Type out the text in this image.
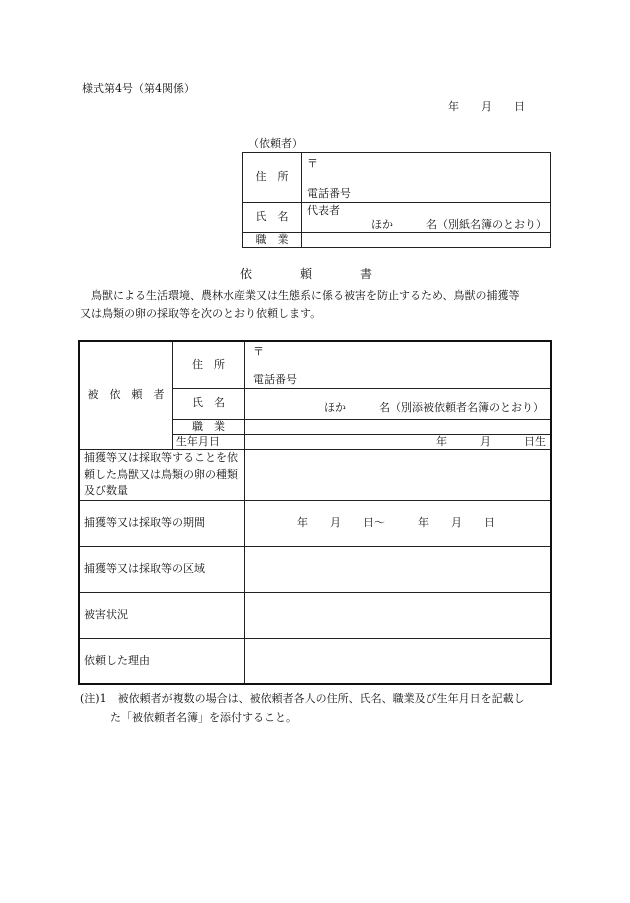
様式第4号（第4関係）
年　　月　　日
（依頼者）
住　所	〒
電話番号

氏　名	代表者
ほか　　　名（別紙名簿のとおり）

職　業	

依　　　　頼　　　　書
　鳥獣による生活環境、農林水産業又は生態系に係る被害を防止するため、鳥獣の捕獲等
又は鳥類の卵の採取等を次のとおり依頼します。
被　依　頼　者	住　所	〒
電話番号

	氏　名	ほか　　　名（別添被依頼者名簿のとおり）

	職　業	

	生年月日	年　　　月　　　日生

捕獲等又は採取等することを依頼した鳥獣又は鳥類の卵の種類及び数量		

捕獲等又は採取等の期間		年　　月　　日～　　　年　　月　　日
捕獲等又は採取等の区域		
被害状況		
依頼した理由		
(注)1　被依頼者が複数の場合は、被依頼者各人の住所、氏名、職業及び生年月日を記載し
た「被依頼者名簿」を添付すること。
